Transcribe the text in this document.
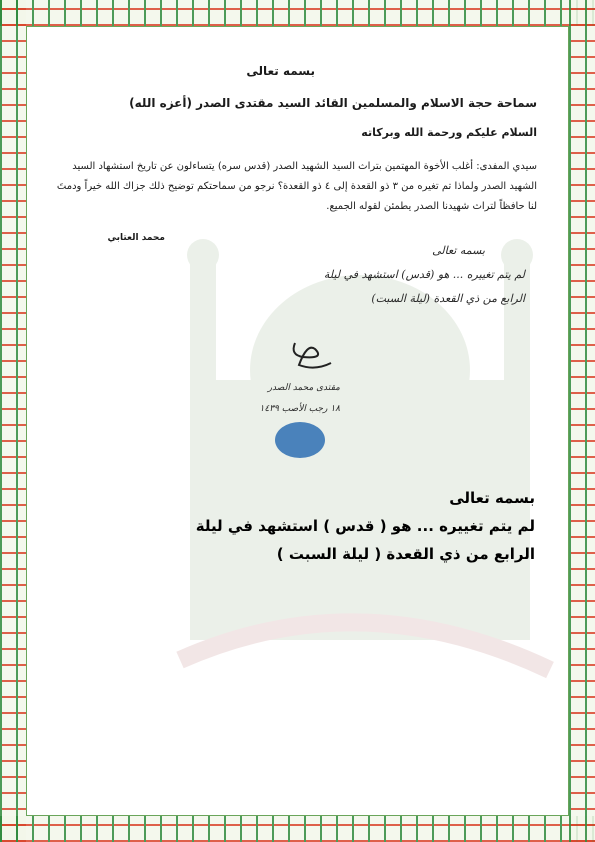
بسمه تعالى
سماحة حجة الاسلام والمسلمين القائد السيد مقتدى الصدر (أعزه الله)
السلام عليكم ورحمة الله وبركاته
سيدي المفدى: أغلب الأخوة المهتمين بتراث السيد الشهيد الصدر (قدس سره) يتساءلون عن تاريخ استشهاد السيد الشهيد الصدر ولماذا تم تغيره من ٣ ذو القعدة إلى ٤ ذو القعدة؟ نرجو من سماحتكم توضيح ذلك جزاك الله خيراً ودمتَ لنا حافظاً لتراث شهيدنا الصدر يطمئن لقوله الجميع.
محمد العتابي
بسمه تعالى
لم يتم تغييره ... هو (قدس) استشهد في ليلة
الرابع من ذي القعدة (ليلة السبت)
مقتدى محمد الصدر
١٨ رجب الأصب ١٤٣٩
بسمه تعالى
لم يتم تغييره ... هو ( قدس ) استشهد في ليلة
الرابع من ذي القعدة ( ليلة السبت )
